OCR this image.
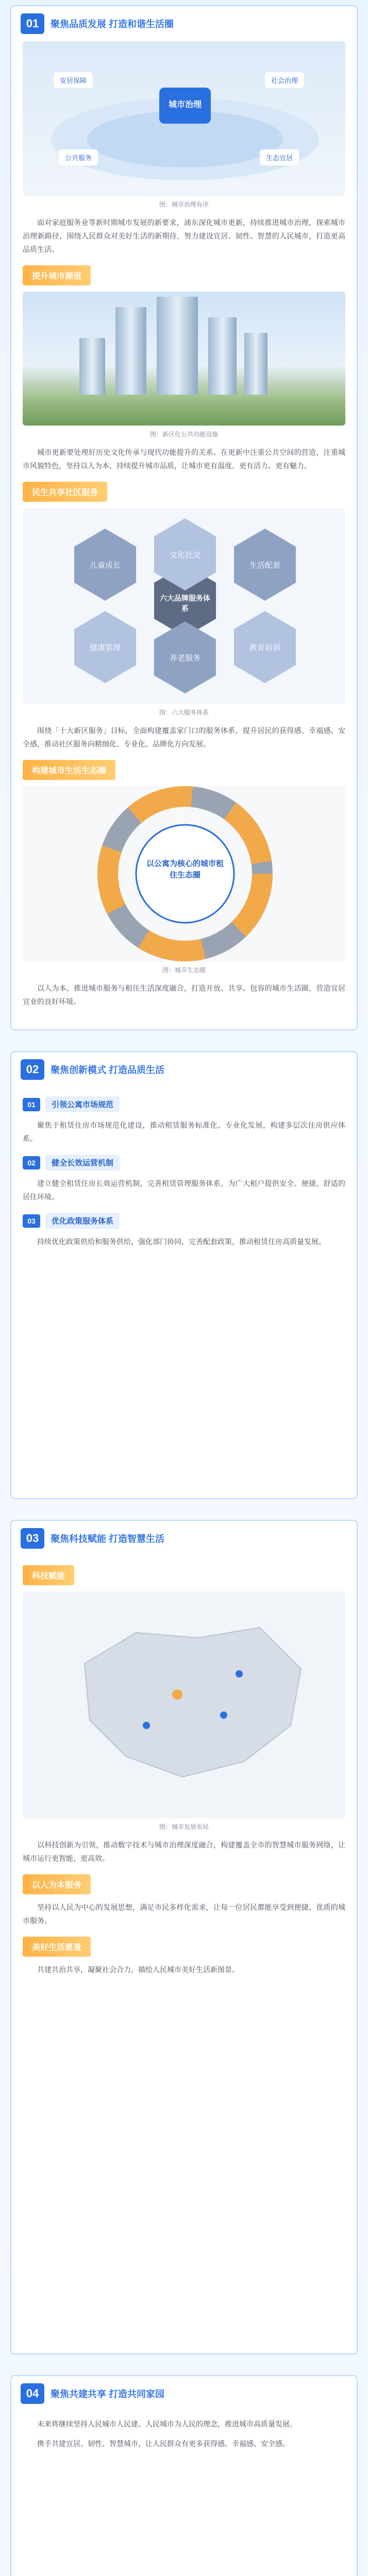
01	聚焦品质发展 打造和谐生活圈
城市治理
安居保障	社会治理
公共服务	生态宜居
图：城市治理有序

面对家庭服务业等新时期城市发展的新要求，浦东深化城市更新，持续推进城市治理，探索城市治理新路径，围绕人民群众对美好生活的新期待，努力建设宜居、韧性、智慧的人民城市，打造更高品质生活。

提升城市颜值
图：新区化公共功能设施

城市更新要处理好历史文化传承与现代功能提升的关系。在更新中注重公共空间的营造，注重城市风貌特色，坚持以人为本，持续提升城市品质，让城市更有温度、更有活力、更有魅力。

民生共享社区服务
六大品牌服务体系
儿童成长
文化社交
生活配套
健康管理
养老服务
教育培训
图：六大服务体系

围绕「十大新区服务」目标，全面构建覆盖家门口的服务体系，提升居民的获得感、幸福感、安全感，推动社区服务向精细化、专业化、品牌化方向发展。

构建城市生活生态圈
以公寓为核心的城市租住生态圈
图：城市生态圈

以人为本，推进城市服务与租住生活深度融合，打造开放、共享、包容的城市生活圈，营造宜居宜业的良好环境。

02	聚焦创新模式 打造品质生活
01	引领公寓市场规范

聚焦于租赁住房市场规范化建设，推动租赁服务标准化、专业化发展，构建多层次住房供应体系。

02	健全长效运营机制

建立健全租赁住房长效运营机制，完善租赁管理服务体系，为广大租户提供安全、便捷、舒适的居住环境。

03	优化政策服务体系

持续优化政策供给和服务供给，强化部门协同，完善配套政策，推动租赁住房高质量发展。

03	聚焦科技赋能 打造智慧生活
科技赋能
图：城市发展布局

以科技创新为引领，推动数字技术与城市治理深度融合，构建覆盖全市的智慧城市服务网络，让城市运行更智能、更高效。

以人为本服务

坚持以人民为中心的发展思想，满足市民多样化需求，让每一位居民都能享受到便捷、优质的城市服务。

美好生活愿景

共建共治共享，凝聚社会合力，描绘人民城市美好生活新图景。

04	聚焦共建共享 打造共同家园

未来将继续坚持人民城市人民建、人民城市为人民的理念，推进城市高质量发展。

携手共建宜居、韧性、智慧城市，让人民群众有更多获得感、幸福感、安全感。
